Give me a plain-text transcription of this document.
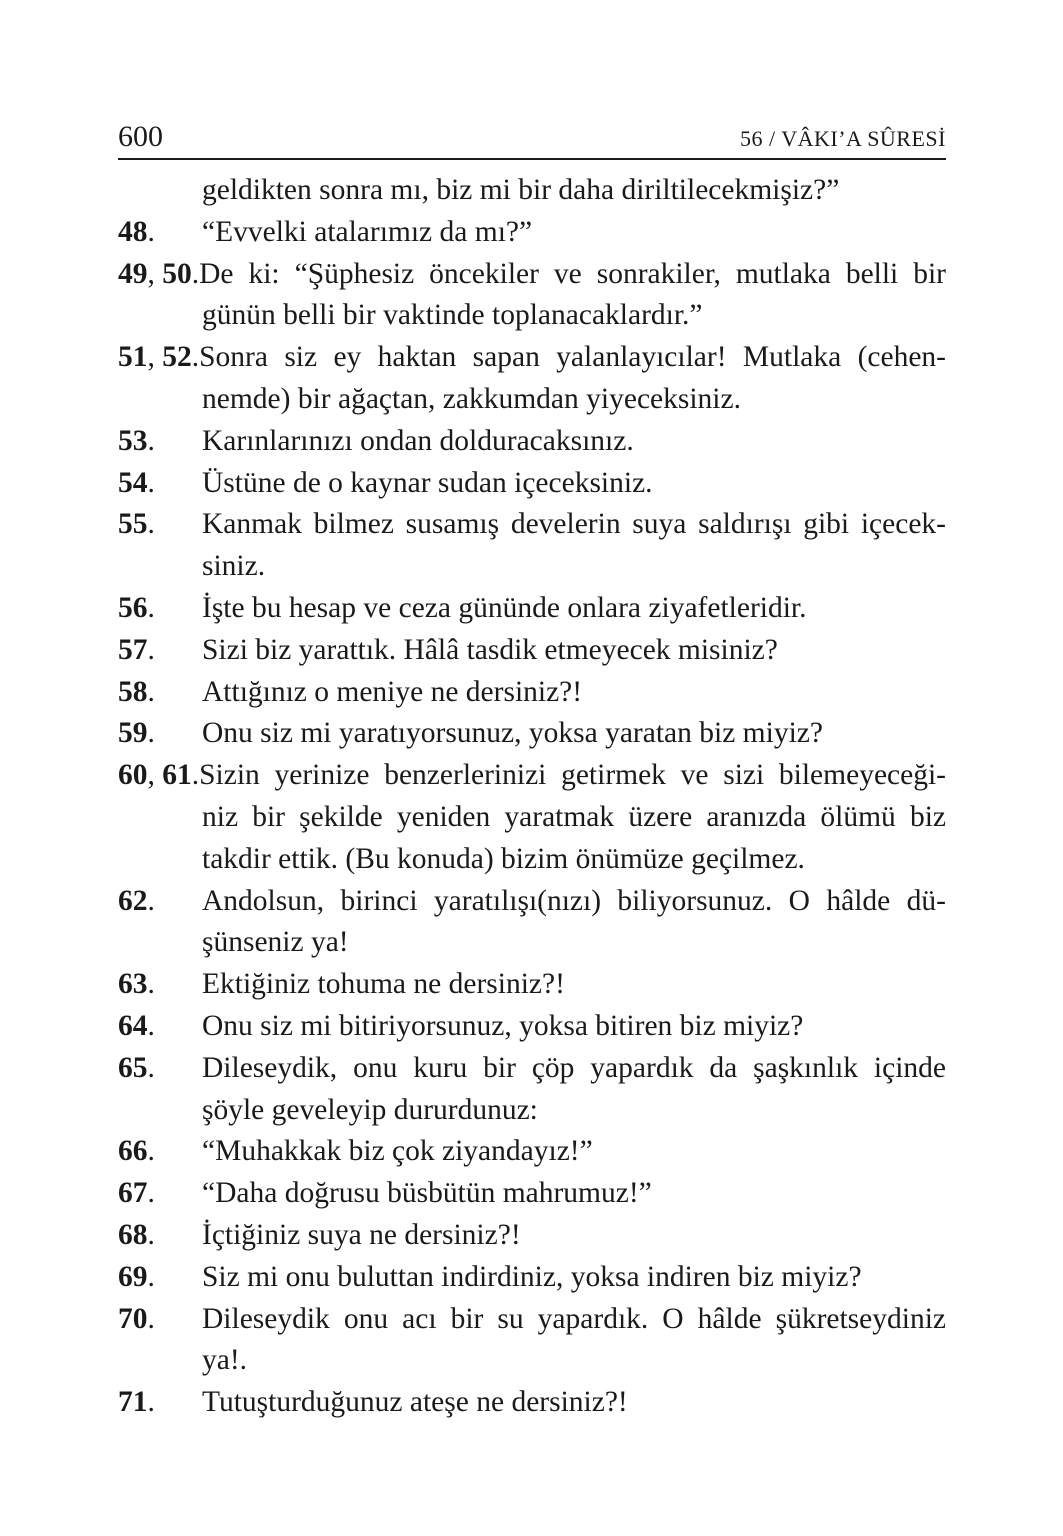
600	56 / VÂKI’A SÛRESİ
geldikten sonra mı, biz mi bir daha diriltilecekmişiz?”
48.	“Evvelki atalarımız da mı?”
49, 50. De ki: “Şüphesiz öncekiler ve sonrakiler, mutlaka belli bir
günün belli bir vaktinde toplanacaklardır.”
51, 52. Sonra siz ey haktan sapan yalanlayıcılar! Mutlaka (cehen-
nemde) bir ağaçtan, zakkumdan yiyeceksiniz.
53.	Karınlarınızı ondan dolduracaksınız.
54.	Üstüne de o kaynar sudan içeceksiniz.
55.	Kanmak bilmez susamış develerin suya saldırışı gibi içecek-
siniz.
56.	İşte bu hesap ve ceza gününde onlara ziyafetleridir.
57.	Sizi biz yarattık. Hâlâ tasdik etmeyecek misiniz?
58.	Attığınız o meniye ne dersiniz?!
59.	Onu siz mi yaratıyorsunuz, yoksa yaratan biz miyiz?
60, 61. Sizin yerinize benzerlerinizi getirmek ve sizi bilemeyeceği-
niz bir şekilde yeniden yaratmak üzere aranızda ölümü biz
takdir ettik. (Bu konuda) bizim önümüze geçilmez.
62.	Andolsun, birinci yaratılışı(nızı) biliyorsunuz. O hâlde dü-
şünseniz ya!
63.	Ektiğiniz tohuma ne dersiniz?!
64.	Onu siz mi bitiriyorsunuz, yoksa bitiren biz miyiz?
65.	Dileseydik, onu kuru bir çöp yapardık da şaşkınlık içinde
şöyle geveleyip dururdunuz:
66.	“Muhakkak biz çok ziyandayız!”
67.	“Daha doğrusu büsbütün mahrumuz!”
68.	İçtiğiniz suya ne dersiniz?!
69.	Siz mi onu buluttan indirdiniz, yoksa indiren biz miyiz?
70.	Dileseydik onu acı bir su yapardık. O hâlde şükretseydiniz
ya!.
71.	Tutuşturduğunuz ateşe ne dersiniz?!
